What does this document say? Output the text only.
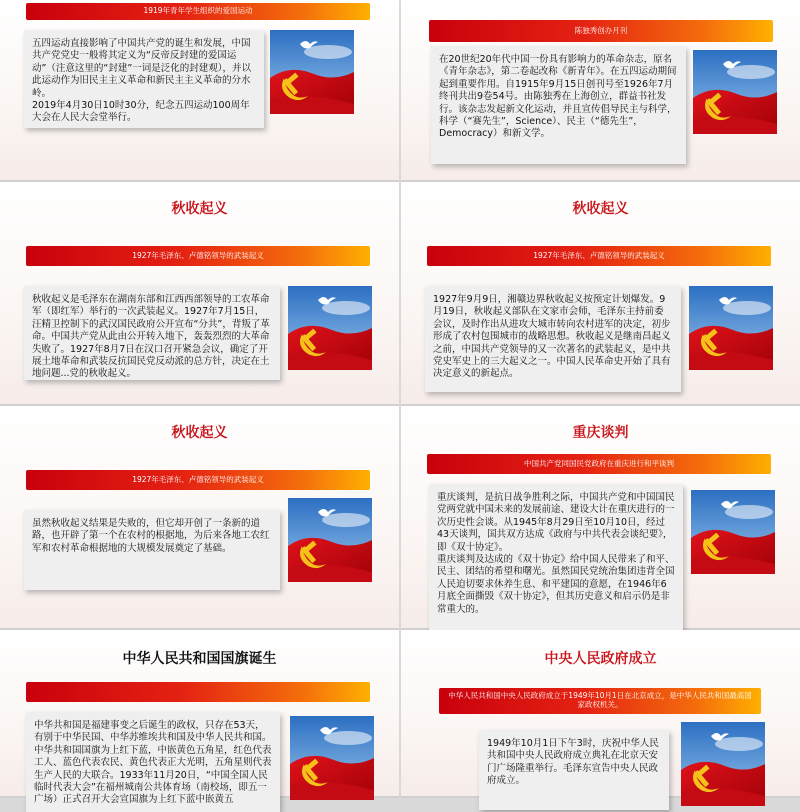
1919年青年学生组织的爱国运动

五四运动直接影响了中国共产党的诞生和发展，中国共产党党史一般将其定义为“反帝反封建的爱国运动”（注意这里的“封建”一词是泛化的封建观），并以此运动作为旧民主主义革命和新民主主义革命的分水岭。
2019年4月30日10时30分，纪念五四运动100周年大会在人民大会堂举行。

陈独秀创办月刊

在20世纪20年代中国一份具有影响力的革命杂志，原名《青年杂志》，第二卷起改称《新青年》。在五四运动期间起到重要作用。自1915年9月15日创刊号至1926年7月终刊共出9卷54号。由陈独秀在上海创立，群益书社发行。该杂志发起新文化运动，并且宣传倡导民主与科学，科学（“赛先生”，Science）、民主（“德先生”，Democracy）和新文学。

秋收起义
1927年毛泽东、卢德铭领导的武装起义

秋收起义是毛泽东在湖南东部和江西西部领导的工农革命军（即红军）举行的一次武装起义。1927年7月15日，汪精卫控制下的武汉国民政府公开宣布“分共”，背叛了革命。中国共产党从此由公开转入地下，轰轰烈烈的大革命失败了。1927年8月7日在汉口召开紧急会议，确定了开展土地革命和武装反抗国民党反动派的总方针，决定在土地问题...党的秋收起义。

秋收起义
1927年毛泽东、卢德铭领导的武装起义

1927年9月9日，湘赣边界秋收起义按预定计划爆发。9月19日，秋收起义部队在文家市会师，毛泽东主持前委会议，及时作出从进攻大城市转向农村进军的决定，初步形成了农村包围城市的战略思想。秋收起义是继南昌起义之前，中国共产党领导的又一次著名的武装起义，是中共党史军史上的三大起义之一。中国人民革命史开始了具有决定意义的新起点。

秋收起义
1927年毛泽东、卢德铭领导的武装起义

虽然秋收起义结果是失败的，但它却开创了一条新的道路，也开辟了第一个在农村的根据地，为后来各地工农红军和农村革命根据地的大规模发展奠定了基础。

重庆谈判
中国共产党同国民党政府在重庆进行和平谈判

重庆谈判，是抗日战争胜利之际，中国共产党和中国国民党两党就中国未来的发展前途、建设大计在重庆进行的一次历史性会谈。从1945年8月29日至10月10日，经过43天谈判，国共双方达成《政府与中共代表会谈纪要》，即《双十协定》。
重庆谈判及达成的《双十协定》给中国人民带来了和平、民主、团结的希望和曙光。虽然国民党统治集团违背全国人民迫切要求休养生息、和平建国的意愿，在1946年6月底全面撕毁《双十协定》，但其历史意义和启示仍是非常重大的。

中华人民共和国国旗诞生

中华共和国是福建事变之后诞生的政权，只存在53天，有别于中华民国、中华苏维埃共和国及中华人民共和国。中华共和国国旗为上红下蓝，中嵌黄色五角星，红色代表工人、蓝色代表农民、黄色代表正大光明，五角星则代表生产人民的大联合。1933年11月20日，“中国全国人民临时代表大会”在福州城南公共体育场（南校场，即五一广场）正式召开大会宣国旗为上红下蓝中嵌黄五

中央人民政府成立
中华人民共和国中央人民政府成立于1949年10月1日在北京成立，是中华人民共和国最高国家政权机关。

1949年10月1日下午3时，庆祝中华人民共和国中央人民政府成立典礼在北京天安门广场隆重举行。毛泽东宣告中央人民政府成立。
